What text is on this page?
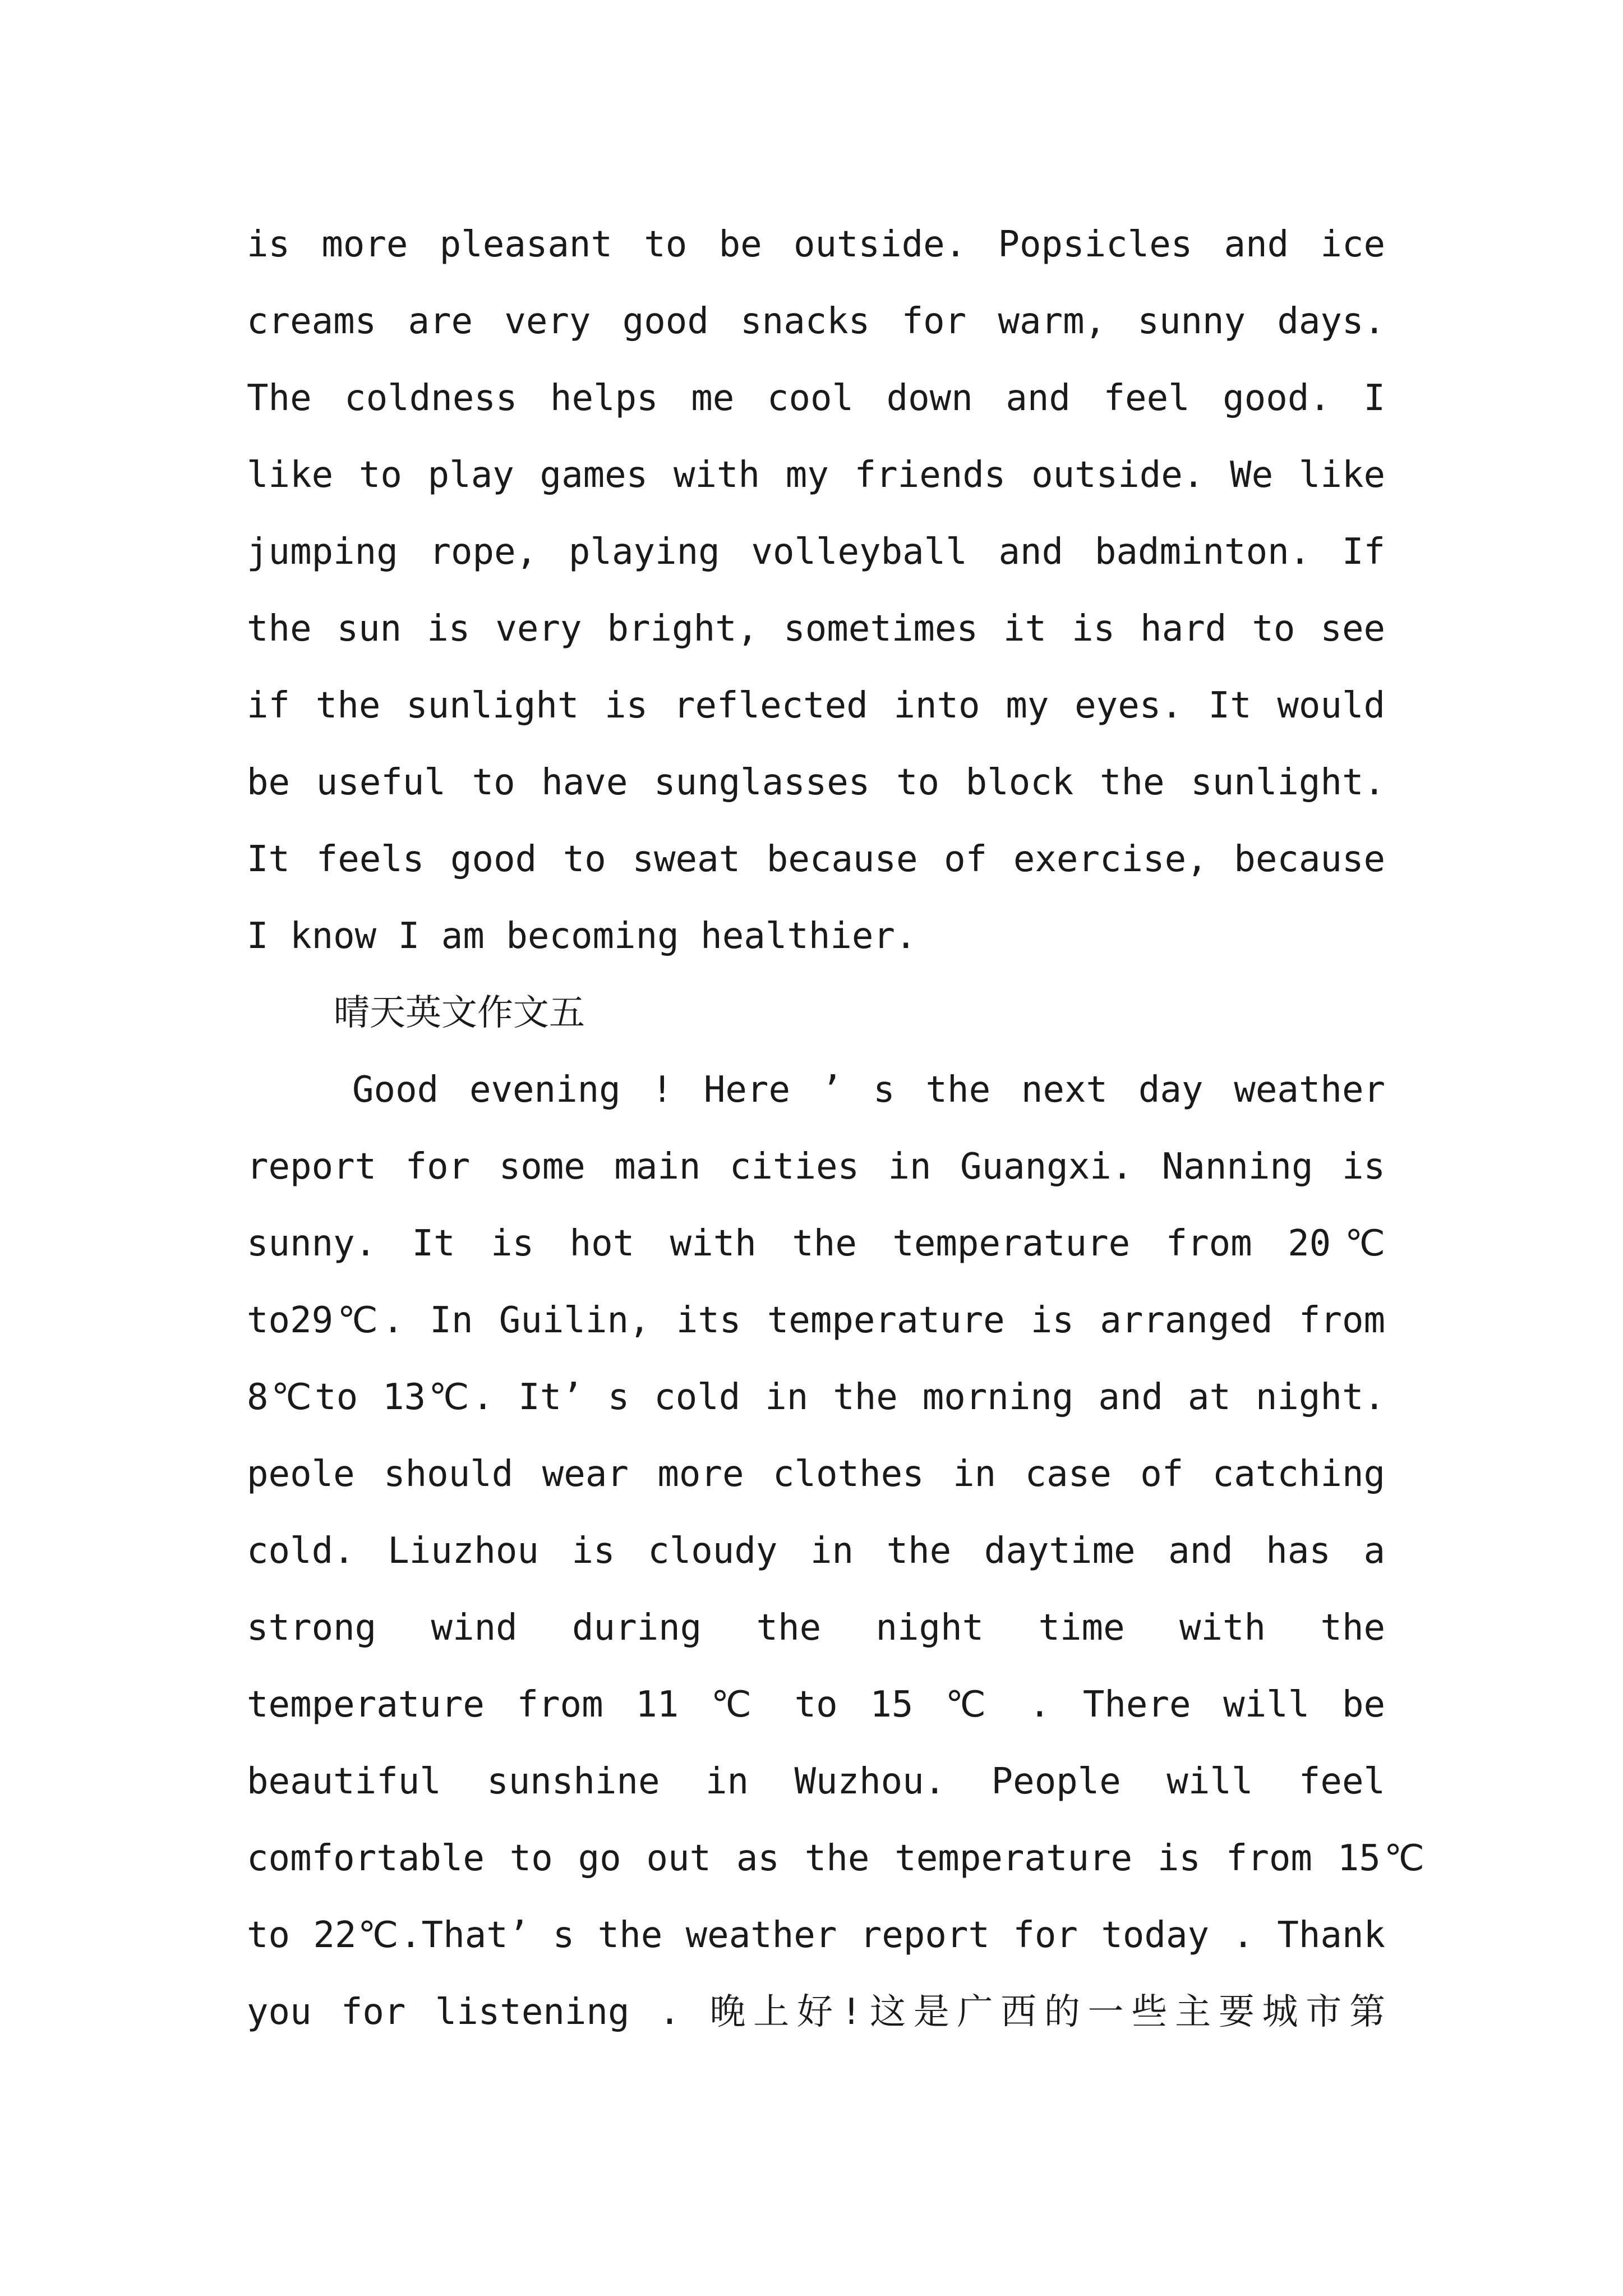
is more pleasant to be outside. Popsicles and ice
creams are very good snacks for warm, sunny days.
The coldness helps me cool down and feel good. I
like to play games with my friends outside. We like
jumping rope, playing volleyball and badminton. If
the sun is very bright, sometimes it is hard to see
if the sunlight is reflected into my eyes. It would
be useful to have sunglasses to block the sunlight.
It feels good to sweat because of exercise, because
I know I am becoming healthier.
晴天英文作文五
Good evening ! Here ’ s the next day weather
report for some main cities in Guangxi. Nanning is
sunny. It is hot with the temperature from 20℃
to29℃. In Guilin, its temperature is arranged from
8℃to 13℃. It’ s cold in the morning and at night.
peole should wear more clothes in case of catching
cold. Liuzhou is cloudy in the daytime and has a
strong wind during the night time with the
temperature from 11 ℃ to 15 ℃ . There will be
beautiful sunshine in Wuzhou. People will feel
comfortable to go out as the temperature is from 15℃
to 22℃.That’ s the weather report for today . Thank
you for listening . 晚上好!这是广西的一些主要城市第
